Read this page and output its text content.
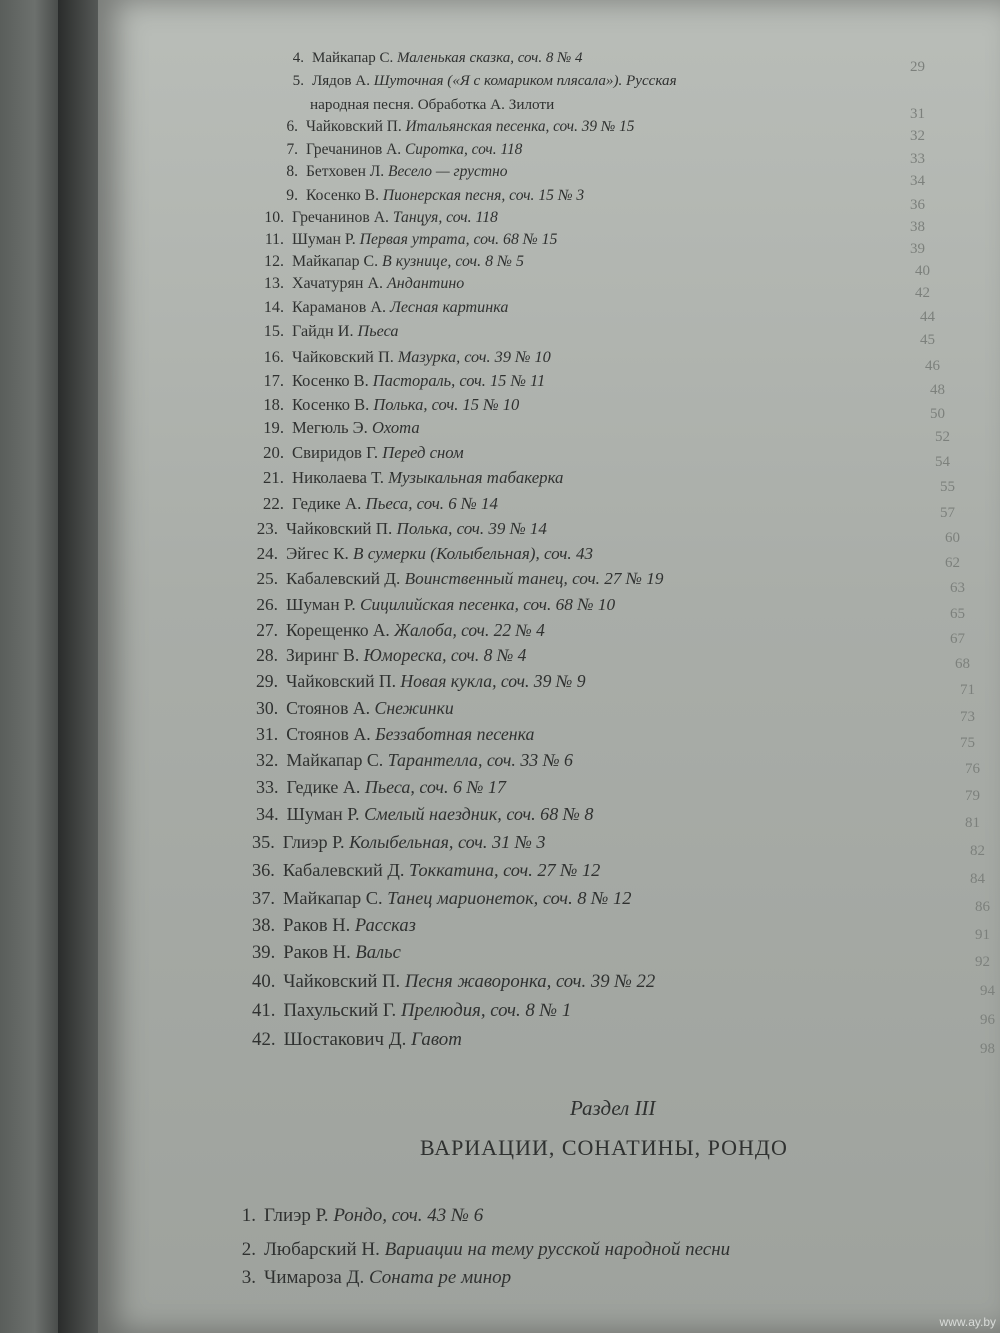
4. Майкапар С. Маленькая сказка, соч. 8 № 4
29
5. Лядов А. Шуточная («Я с комариком плясала»). Русская
народная песня. Обработка А. Зилоти
31
6. Чайковский П. Итальянская песенка, соч. 39 № 15
32
7. Гречанинов А. Сиротка, соч. 118
33
8. Бетховен Л. Весело — грустно
34
9. Косенко В. Пионерская песня, соч. 15 № 3
36
10. Гречанинов А. Танцуя, соч. 118
38
11. Шуман Р. Первая утрата, соч. 68 № 15
39
12. Майкапар С. В кузнице, соч. 8 № 5
40
13. Хачатурян А. Андантино
42
14. Караманов А. Лесная картинка
44
15. Гайдн И. Пьеса	45
16. Чайковский П. Мазурка, соч. 39 № 10	46
17. Косенко В. Пастораль, соч. 15 № 11	48
18. Косенко В. Полька, соч. 15 № 10	50
19. Мегюль Э. Охота	52
20. Свиридов Г. Перед сном	54
21. Николаева Т. Музыкальная табакерка	55
22. Гедике А. Пьеса, соч. 6 № 14	57
23. Чайковский П. Полька, соч. 39 № 14	60
24. Эйгес К. В сумерки (Колыбельная), соч. 43	62
25. Кабалевский Д. Воинственный танец, соч. 27 № 19	63
26. Шуман Р. Сицилийская песенка, соч. 68 № 10	65
27. Корещенко А. Жалоба, соч. 22 № 4	67
28. Зиринг В. Юмореска, соч. 8 № 4	68
29. Чайковский П. Новая кукла, соч. 39 № 9	71
30. Стоянов А. Снежинки	73
31. Стоянов А. Беззаботная песенка	75
32. Майкапар С. Тарантелла, соч. 33 № 6	76
33. Гедике А. Пьеса, соч. 6 № 17	79
34. Шуман Р. Смелый наездник, соч. 68 № 8	81
35. Глиэр Р. Колыбельная, соч. 31 № 3	82
36. Кабалевский Д. Токкатина, соч. 27 № 12	84
37. Майкапар С. Танец марионеток, соч. 8 № 12	86
38. Раков Н. Рассказ	91
39. Раков Н. Вальс	92
40. Чайковский П. Песня жаворонка, соч. 39 № 22	94
41. Пахульский Г. Прелюдия, соч. 8 № 1	96
42. Шостакович Д. Гавот	98
Раздел III
ВАРИАЦИИ, СОНАТИНЫ, РОНДО
1. Глиэр Р. Рондо, соч. 43 № 6
2. Любарский Н. Вариации на тему русской народной песни
3. Чимароза Д. Соната ре минор
www.ay.by
